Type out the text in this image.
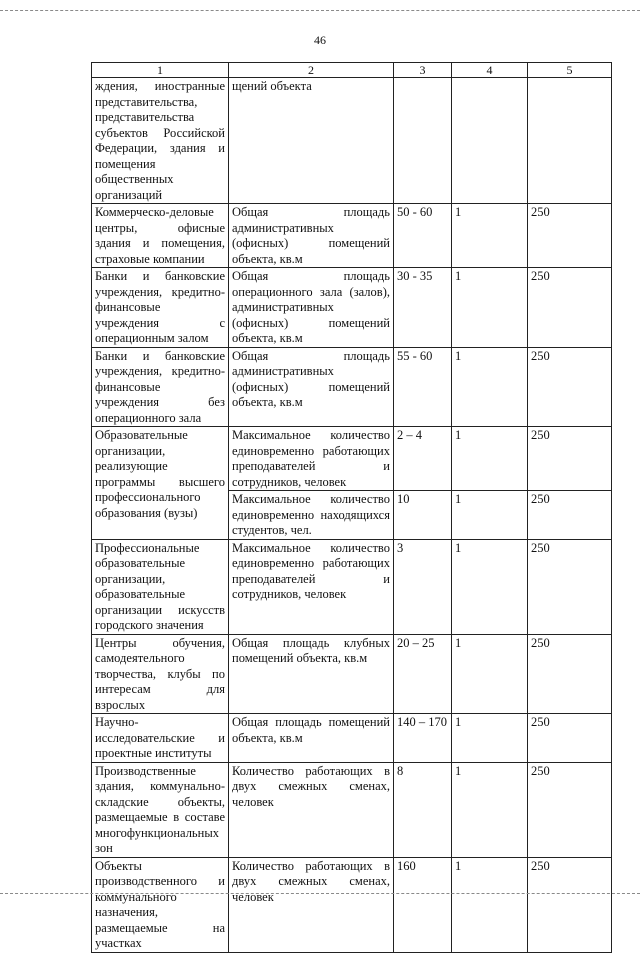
46
1	2	3	4	5
ждения, иностранные представительства, представительства субъектов Российской Федерации, здания и помещения общественных организаций	щений объекта			
Коммерческо-деловые центры, офисные здания и помещения, страховые компании	Общая площадь административных (офисных) помещений объекта, кв.м	50 - 60	1	250
Банки и банковские учреждения, кредитно-финансовые учреждения с операционным залом	Общая площадь операционного зала (залов), административных (офисных) помещений объекта, кв.м	30 - 35	1	250
Банки и банковские учреждения, кредитно-финансовые учреждения без операционного зала	Общая площадь административных (офисных) помещений объекта, кв.м	55 - 60	1	250
Образовательные организации, реализующие программы высшего профессионального образования (вузы)	Максимальное количество единовременно работающих преподавателей и сотрудников, человек	2 – 4	1	250
	Максимальное количество единовременно находящихся студентов, чел.	10	1	250
Профессиональные образовательные организации, образовательные организации искусств городского значения	Максимальное количество единовременно работающих преподавателей и сотрудников, человек	3	1	250
Центры обучения, самодеятельного творчества, клубы по интересам для взрослых	Общая площадь клубных помещений объекта, кв.м	20 – 25	1	250
Научно-исследовательские и проектные институты	Общая площадь помещений объекта, кв.м	140 – 170	1	250
Производственные здания, коммунально-складские объекты, размещаемые в составе многофункциональных зон	Количество работающих в двух смежных сменах, человек	8	1	250
Объекты производственного и коммунального назначения, размещаемые на участках	Количество работающих в двух смежных сменах, человек	160	1	250
